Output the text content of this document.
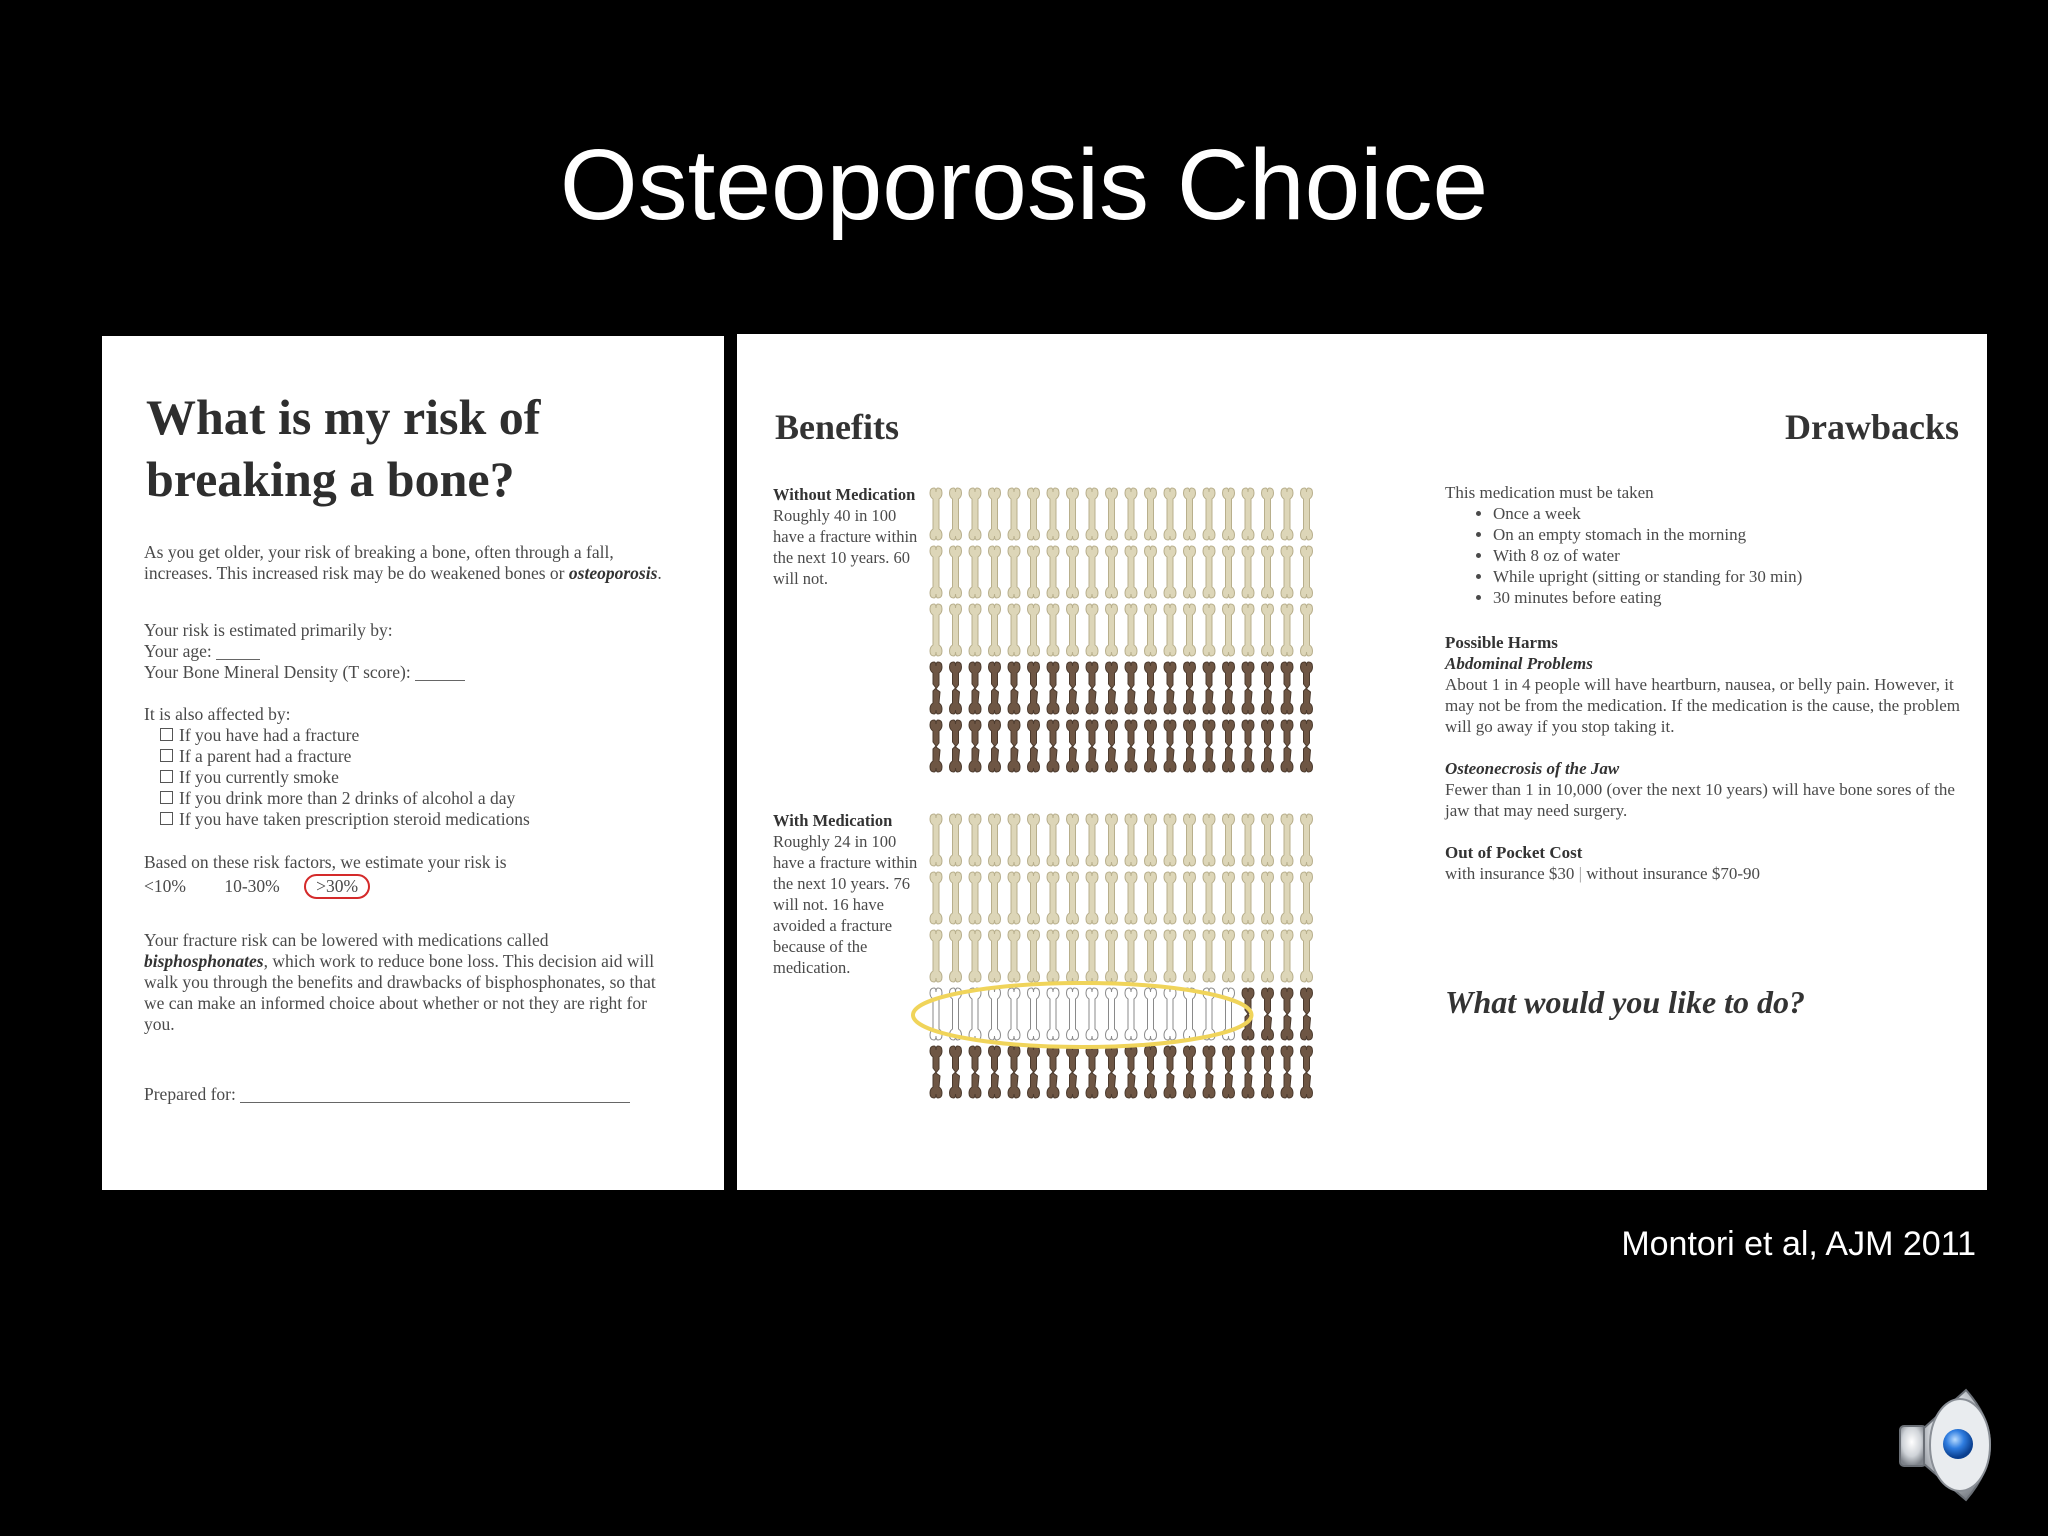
Osteoporosis Choice
What is my risk of breaking a bone?
As you get older, your risk of breaking a bone, often through a fall, increases. This increased risk may be do weakened bones or osteoporosis.
Your risk is estimated primarily by:
Your age:
Your Bone Mineral Density (T score):
It is also affected by:
If you have had a fracture
If a parent had a fracture
If you currently smoke
If you drink more than 2 drinks of alcohol a day
If you have taken prescription steroid medications
Based on these risk factors, we estimate your risk is
<10% 10-30% >30%
Your fracture risk can be lowered with medications called bisphosphonates, which work to reduce bone loss. This decision aid will walk you through the benefits and drawbacks of bisphosphonates, so that we can make an informed choice about whether or not they are right for you.
Prepared for:
Benefits	Drawbacks
Without Medication
Roughly 40 in 100 have a fracture within the next 10 years. 60 will not.
With Medication
Roughly 24 in 100 have a fracture within the next 10 years. 76 will not. 16 have avoided a fracture because of the medication.
This medication must be taken
• Once a week
• On an empty stomach in the morning
• With 8 oz of water
• While upright (sitting or standing for 30 min)
• 30 minutes before eating
Possible Harms
Abdominal Problems
About 1 in 4 people will have heartburn, nausea, or belly pain. However, it may not be from the medication. If the medication is the cause, the problem will go away if you stop taking it.
Osteonecrosis of the Jaw
Fewer than 1 in 10,000 (over the next 10 years) will have bone sores of the jaw that may need surgery.
Out of Pocket Cost
with insurance $30 | without insurance $70-90
What would you like to do?
Montori et al, AJM 2011
